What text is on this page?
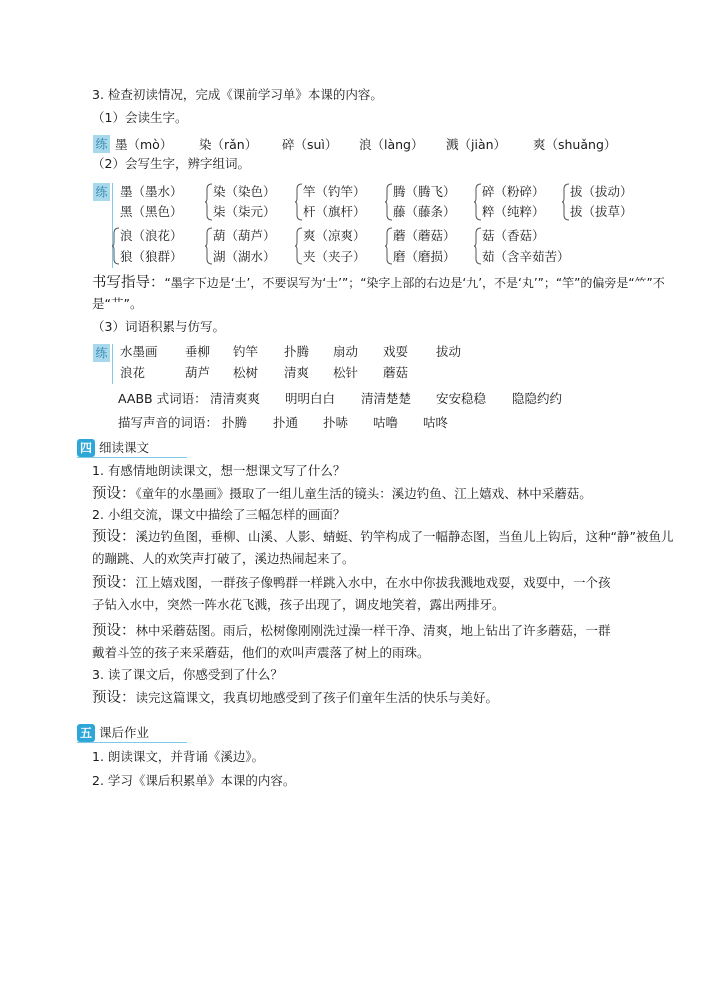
3. 检查初读情况，完成《课前学习单》本课的内容。
（1）会读生字。
练 墨（mò） 染（rǎn） 碎（suì） 浪（làng） 溅（jiàn） 爽（shuǎng）
（2）会写生字，辨字组词。
练 墨（墨水）
黑（黑色）
染（染色）
柒（柒元）
竿（钓竿）
杆（旗杆）
腾（腾飞）
藤（藤条）
碎（粉碎）
粹（纯粹）
拔（拔动）
拔（拔草）
浪（浪花）
狼（狼群）
葫（葫芦）
湖（湖水）
爽（凉爽）
夹（夹子）
蘑（蘑菇）
磨（磨损）
菇（香菇）
茹（含辛茹苦）
书写指导：“墨字下边是‘土’，不要误写为‘士’”；“染字上部的右边是‘九’，不是‘丸’”；“竿”的偏旁是“⺮”不
是“艹”。
（3）词语积累与仿写。
练 水墨画 垂柳 钓竿 扑腾 扇动 戏耍 拔动
浪花	葫芦 松树 清爽 松针 蘑菇
AABB 式词语： 清清爽爽 明明白白 清清楚楚 安安稳稳 隐隐约约
描写声音的词语： 扑腾 扑通 扑哧 咕噜 咕咚
四 细读课文
1. 有感情地朗读课文，想一想课文写了什么？
预设：《童年的水墨画》摄取了一组儿童生活的镜头：溪边钓鱼、江上嬉戏、林中采蘑菇。
2. 小组交流，课文中描绘了三幅怎样的画面？
预设：溪边钓鱼图，垂柳、山溪、人影、蜻蜓、钓竿构成了一幅静态图，当鱼儿上钩后，这种“静”被鱼儿
的蹦跳、人的欢笑声打破了，溪边热闹起来了。
预设：江上嬉戏图，一群孩子像鸭群一样跳入水中，在水中你拔我溅地戏耍，戏耍中，一个孩
子钻入水中，突然一阵水花飞溅，孩子出现了，调皮地笑着，露出两排牙。
预设：林中采蘑菇图。雨后，松树像刚刚洗过澡一样干净、清爽，地上钻出了许多蘑菇，一群
戴着斗笠的孩子来采蘑菇，他们的欢叫声震落了树上的雨珠。
3. 读了课文后，你感受到了什么？
预设：读完这篇课文，我真切地感受到了孩子们童年生活的快乐与美好。
五 课后作业
1. 朗读课文，并背诵《溪边》。
2. 学习《课后积累单》本课的内容。
